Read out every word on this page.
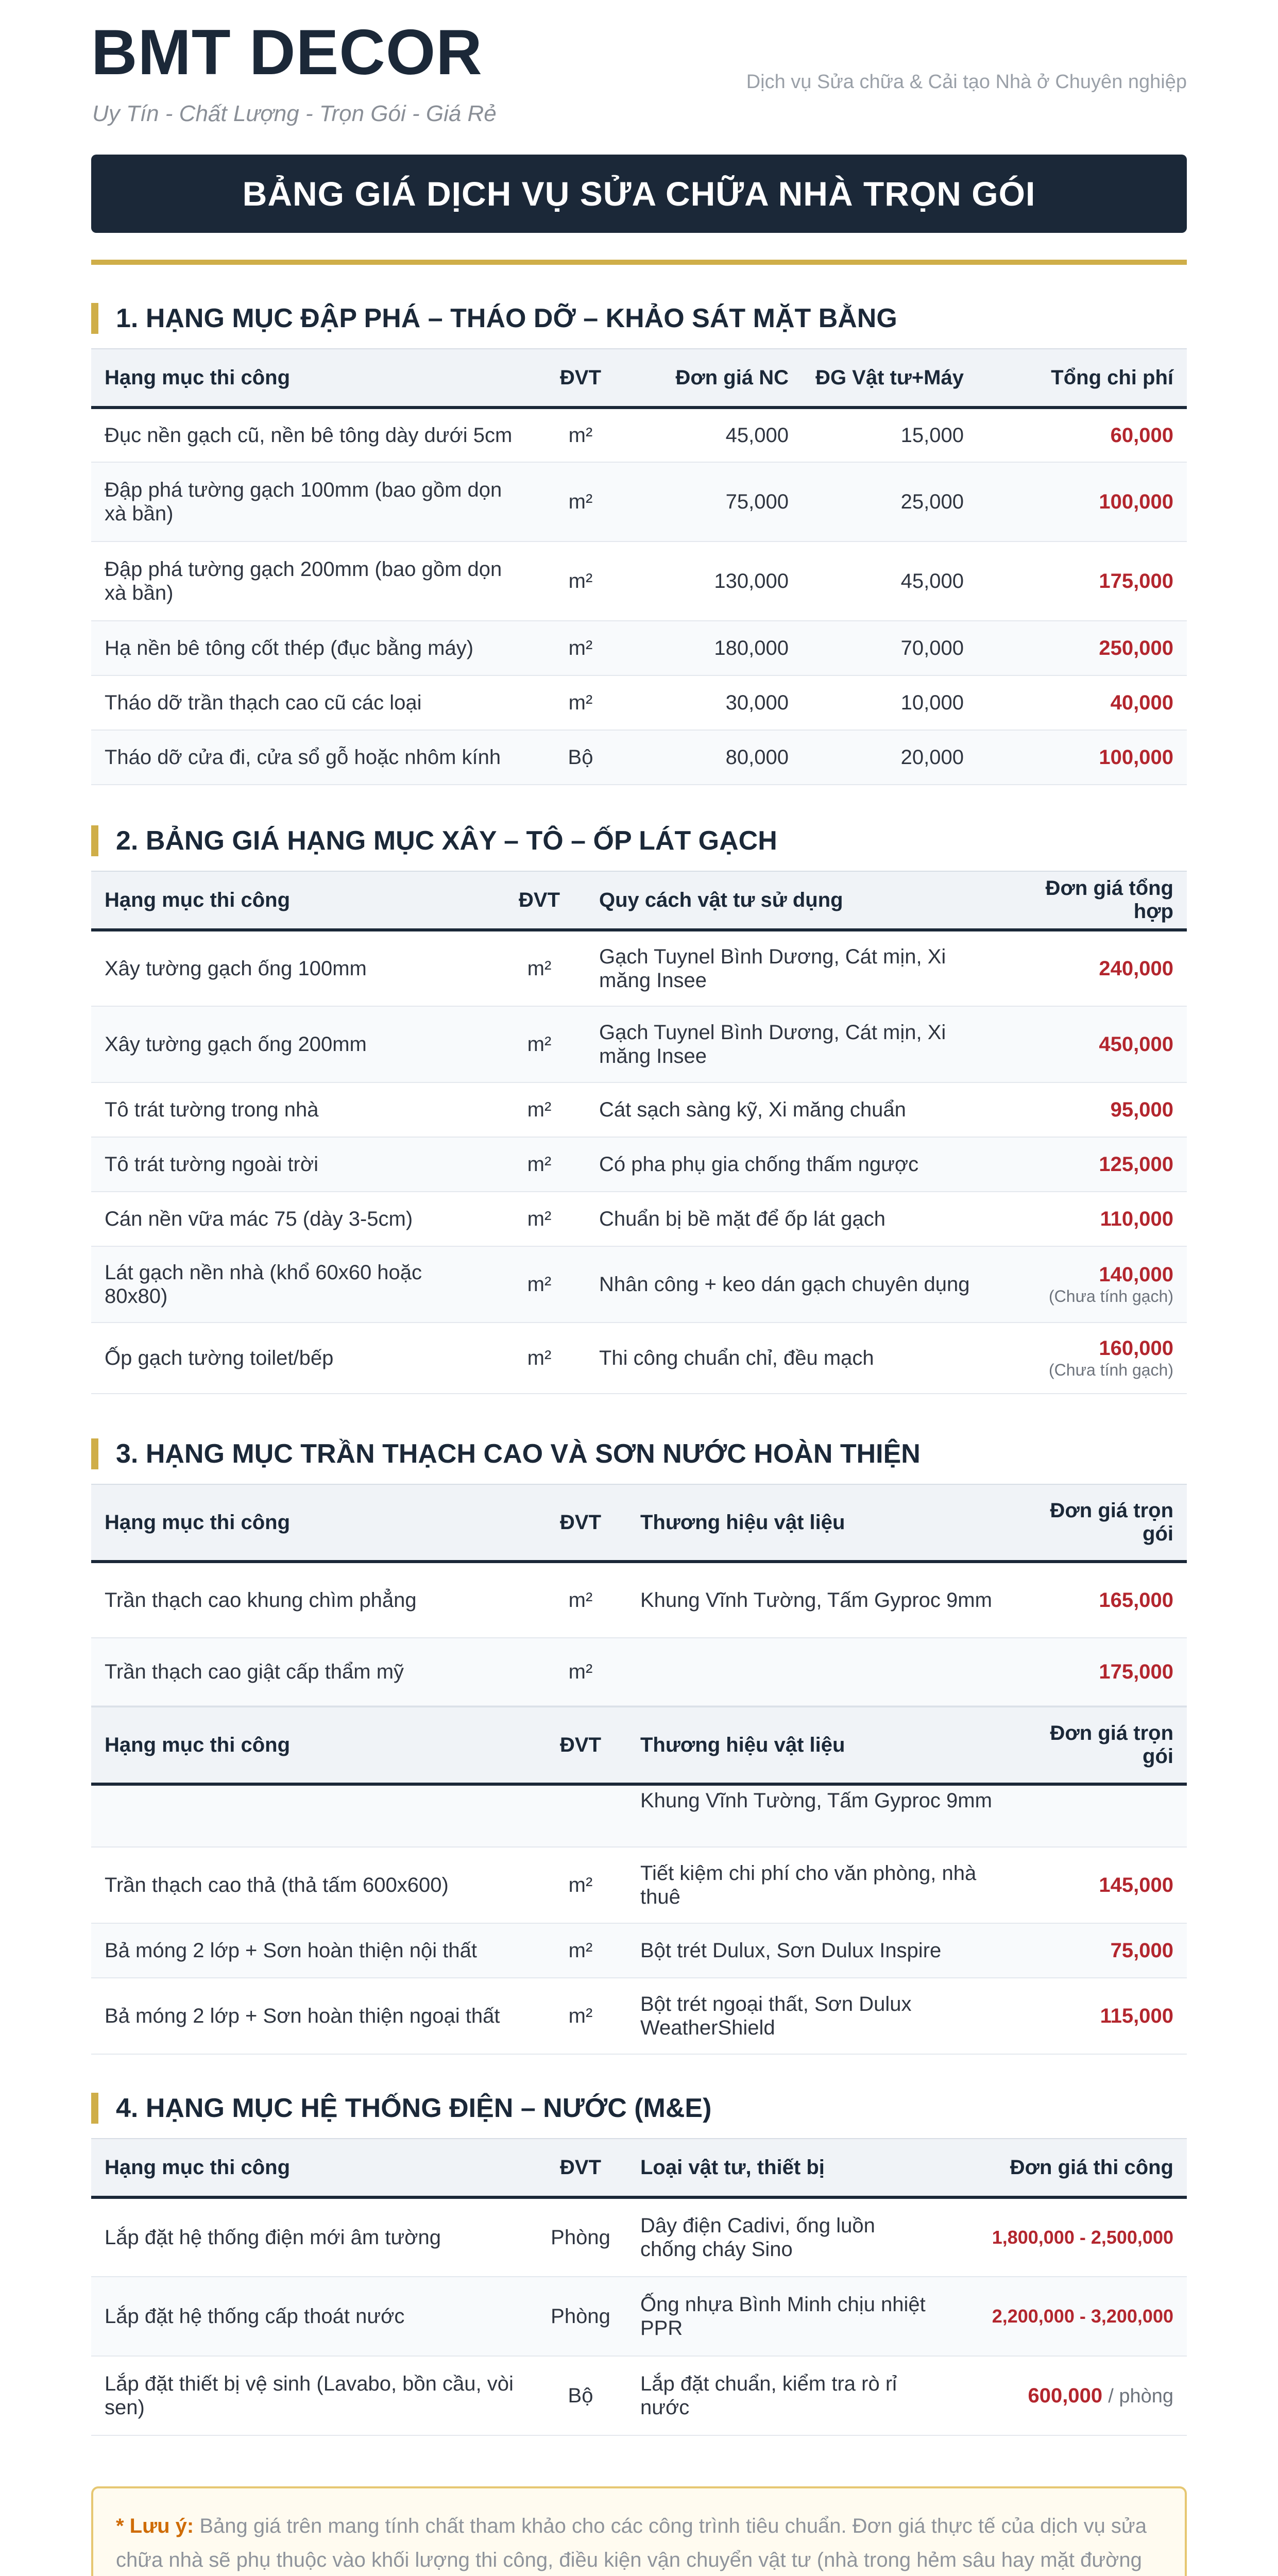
BMT DECOR
Uy Tín - Chất Lượng - Trọn Gói - Giá Rẻ
Dịch vụ Sửa chữa & Cải tạo Nhà ở Chuyên nghiệp
BẢNG GIÁ DỊCH VỤ SỬA CHỮA NHÀ TRỌN GÓI
1. HẠNG MỤC ĐẬP PHÁ – THÁO DỠ – KHẢO SÁT MẶT BẰNG
Hạng mục thi công	ĐVT	Đơn giá NC	ĐG Vật tư+Máy	Tổng chi phí
Đục nền gạch cũ, nền bê tông dày dưới 5cm	m²	45,000	15,000	60,000
Đập phá tường gạch 100mm (bao gồm dọn xà bần)	m²	75,000	25,000	100,000
Đập phá tường gạch 200mm (bao gồm dọn xà bần)	m²	130,000	45,000	175,000
Hạ nền bê tông cốt thép (đục bằng máy)	m²	180,000	70,000	250,000
Tháo dỡ trần thạch cao cũ các loại	m²	30,000	10,000	40,000
Tháo dỡ cửa đi, cửa sổ gỗ hoặc nhôm kính	Bộ	80,000	20,000	100,000
2. BẢNG GIÁ HẠNG MỤC XÂY – TÔ – ỐP LÁT GẠCH
Hạng mục thi công	ĐVT	Quy cách vật tư sử dụng	Đơn giá tổng hợp
Xây tường gạch ống 100mm	m²	Gạch Tuynel Bình Dương, Cát mịn, Xi măng Insee	240,000
Xây tường gạch ống 200mm	m²	Gạch Tuynel Bình Dương, Cát mịn, Xi măng Insee	450,000
Tô trát tường trong nhà	m²	Cát sạch sàng kỹ, Xi măng chuẩn	95,000
Tô trát tường ngoài trời	m²	Có pha phụ gia chống thấm ngược	125,000
Cán nền vữa mác 75 (dày 3-5cm)	m²	Chuẩn bị bề mặt để ốp lát gạch	110,000
Lát gạch nền nhà (khổ 60x60 hoặc 80x80)	m²	Nhân công + keo dán gạch chuyên dụng	140,000
(Chưa tính gạch)

Ốp gạch tường toilet/bếp	m²	Thi công chuẩn chỉ, đều mạch	160,000
(Chưa tính gạch)
3. HẠNG MỤC TRẦN THẠCH CAO VÀ SƠN NƯỚC HOÀN THIỆN
Hạng mục thi công	ĐVT	Thương hiệu vật liệu	Đơn giá trọn gói
Trần thạch cao khung chìm phẳng	m²	Khung Vĩnh Tường, Tấm Gyproc 9mm	165,000
Trần thạch cao giật cấp thẩm mỹ	m²		175,000
Hạng mục thi công	ĐVT	Thương hiệu vật liệu	Đơn giá trọn gói
		Khung Vĩnh Tường, Tấm Gyproc 9mm	
Trần thạch cao thả (thả tấm 600x600)	m²	Tiết kiệm chi phí cho văn phòng, nhà thuê	145,000
Bả móng 2 lớp + Sơn hoàn thiện nội thất	m²	Bột trét Dulux, Sơn Dulux Inspire	75,000
Bả móng 2 lớp + Sơn hoàn thiện ngoại thất	m²	Bột trét ngoại thất, Sơn Dulux WeatherShield	115,000
4. HẠNG MỤC HỆ THỐNG ĐIỆN – NƯỚC (M&E)
Hạng mục thi công	ĐVT	Loại vật tư, thiết bị	Đơn giá thi công
Lắp đặt hệ thống điện mới âm tường	Phòng	Dây điện Cadivi, ống luồn chống cháy Sino	1,800,000 - 2,500,000
Lắp đặt hệ thống cấp thoát nước	Phòng	Ống nhựa Bình Minh chịu nhiệt PPR	2,200,000 - 3,200,000
Lắp đặt thiết bị vệ sinh (Lavabo, bồn cầu, vòi sen)	Bộ	Lắp đặt chuẩn, kiểm tra rò rỉ nước	600,000 / phòng
* Lưu ý: Bảng giá trên mang tính chất tham khảo cho các công trình tiêu chuẩn. Đơn giá thực tế của dịch vụ sửa chữa nhà sẽ phụ thuộc vào khối lượng thi công, điều kiện vận chuyển vật tư (nhà trong hẻm sâu hay mặt đường
